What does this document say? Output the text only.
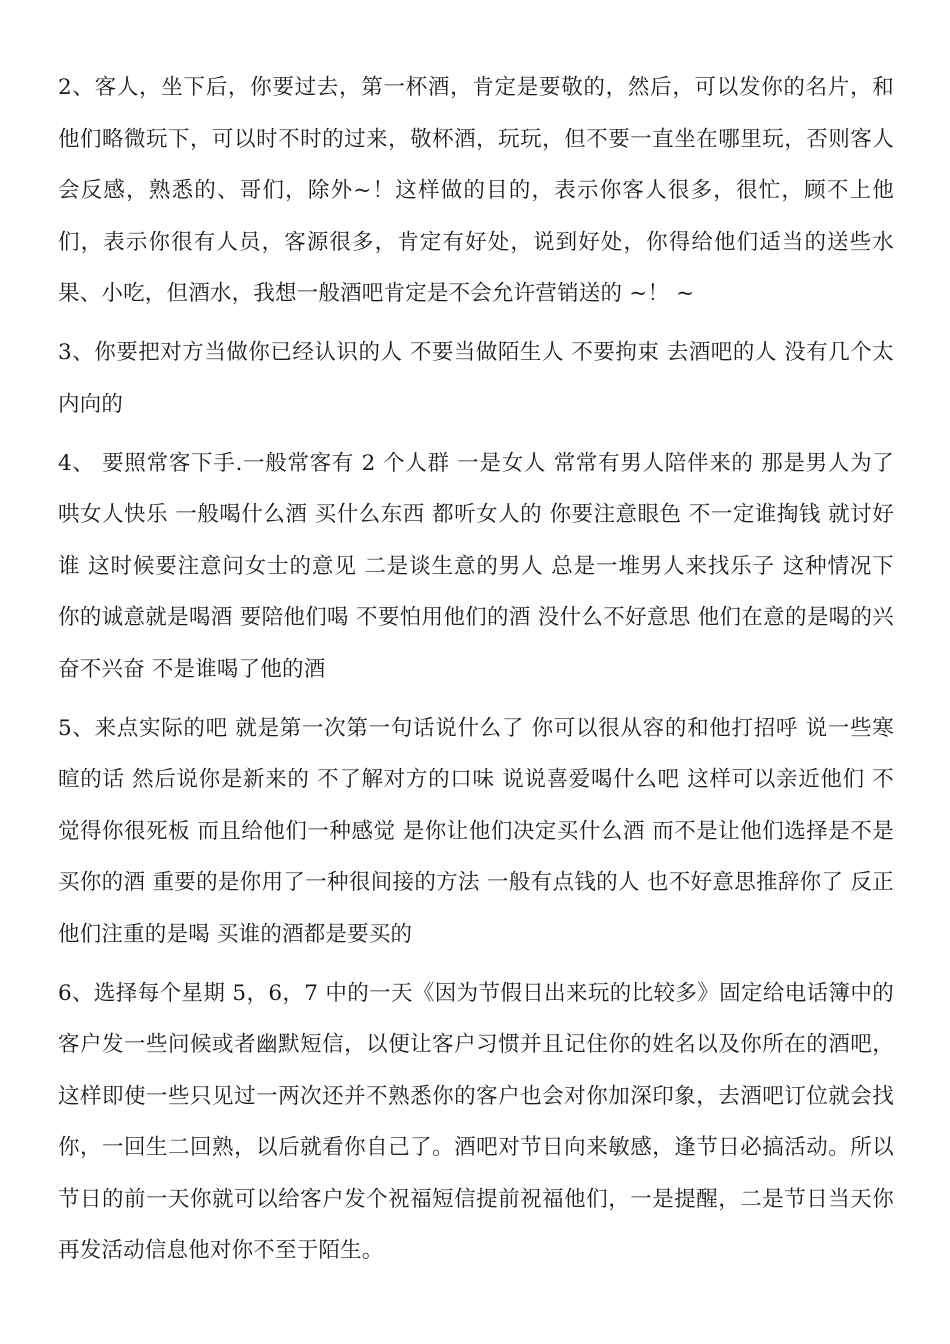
2、客人，坐下后，你要过去，第一杯酒，肯定是要敬的，然后，可以发你的名片，和他们略微玩下，可以时不时的过来，敬杯酒，玩玩，但不要一直坐在哪里玩，否则客人会反感，熟悉的、哥们，除外~！这样做的目的，表示你客人很多，很忙，顾不上他们，表示你很有人员，客源很多，肯定有好处，说到好处，你得给他们适当的送些水果、小吃，但酒水，我想一般酒吧肯定是不会允许营销送的 ~！ ~

3、你要把对方当做你已经认识的人 不要当做陌生人 不要拘束 去酒吧的人 没有几个太内向的

4、 要照常客下手.一般常客有 2 个人群 一是女人 常常有男人陪伴来的 那是男人为了哄女人快乐 一般喝什么酒 买什么东西 都听女人的 你要注意眼色 不一定谁掏钱 就讨好谁 这时候要注意问女士的意见 二是谈生意的男人 总是一堆男人来找乐子 这种情况下 你的诚意就是喝酒 要陪他们喝 不要怕用他们的酒 没什么不好意思 他们在意的是喝的兴奋不兴奋 不是谁喝了他的酒

5、来点实际的吧 就是第一次第一句话说什么了 你可以很从容的和他打招呼 说一些寒暄的话 然后说你是新来的 不了解对方的口味 说说喜爱喝什么吧 这样可以亲近他们 不觉得你很死板 而且给他们一种感觉 是你让他们决定买什么酒 而不是让他们选择是不是买你的酒 重要的是你用了一种很间接的方法 一般有点钱的人 也不好意思推辞你了 反正他们注重的是喝 买谁的酒都是要买的

6、选择每个星期 5，6，7 中的一天《因为节假日出来玩的比较多》固定给电话簿中的客户发一些问候或者幽默短信，以便让客户习惯并且记住你的姓名以及你所在的酒吧，这样即使一些只见过一两次还并不熟悉你的客户也会对你加深印象，去酒吧订位就会找你，一回生二回熟，以后就看你自己了。酒吧对节日向来敏感，逢节日必搞活动。所以节日的前一天你就可以给客户发个祝福短信提前祝福他们，一是提醒，二是节日当天你再发活动信息他对你不至于陌生。
